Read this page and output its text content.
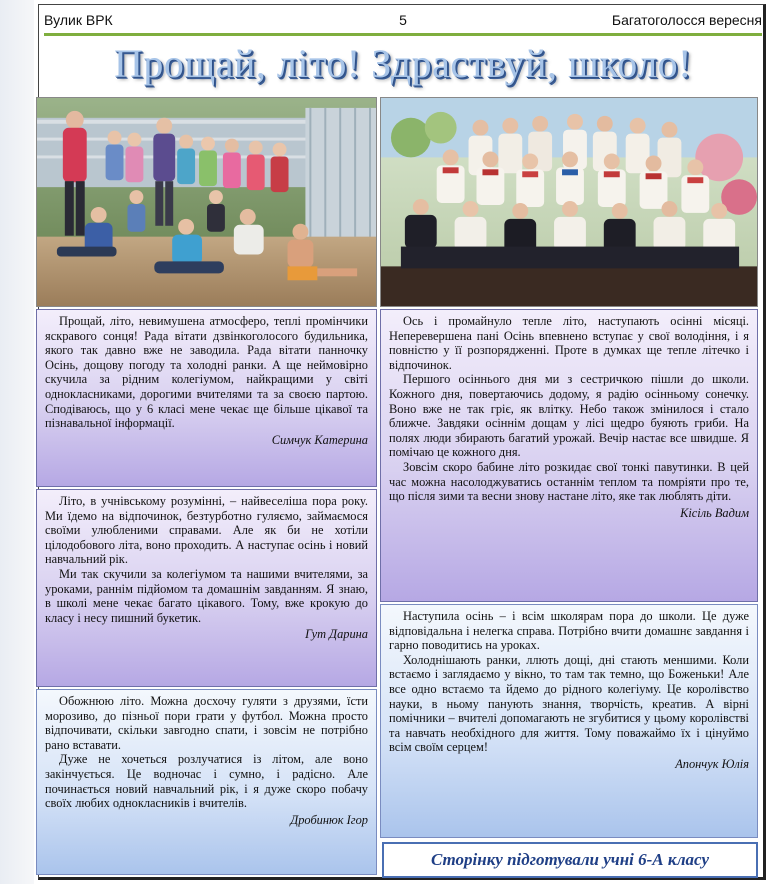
Вулик ВРК	5	Багатоголосся вересня
Прощай, літо! Здраствуй, школо!

Прощай, літо, невимушена атмосферо, теплі промінчики яскравого сонця! Рада вітати дзвінкоголосого будильника, якого так давно вже не заводила. Рада вітати панночку Осінь, дощову погоду та холодні ранки. А ще неймовірно скучила за рідним колегіумом, найкращими у світі однокласниками, дорогими вчителями та за своєю партою. Сподіваюсь, що у 6 класі мене чекає ще більше цікавої та пізнавальної інформації.

Симчук Катерина

Літо, в учнівському розумінні, – найвеселіша пора року. Ми їдемо на відпочинок, безтурботно гуляємо, займаємося своїми улюбленими справами. Але як би не хотіли цілодобового літа, воно проходить. А наступає осінь і новий навчальний рік.

Ми так скучили за колегіумом та нашими вчителями, за уроками, раннім підйомом та домашнім завданням. Я знаю, в школі мене чекає багато цікавого. Тому, вже крокую до класу і несу пишний букетик.

Гут Дарина

Обожнюю літо. Можна досхочу гуляти з друзями, їсти морозиво, до пізньої пори грати у футбол. Можна просто відпочивати, скільки завгодно спати, і зовсім не потрібно рано вставати.

Дуже не хочеться розлучатися із літом, але воно закінчується. Це водночас і сумно, і радісно. Але починається новий навчальний рік, і я дуже скоро побачу своїх любих однокласників і вчителів.

Дробинюк Ігор

Ось і промайнуло тепле літо, наступають осінні місяці. Неперевершена пані Осінь впевнено вступає у свої володіння, і я повністю у її розпорядженні. Проте в думках ще тепле літечко і відпочинок.

Першого осіннього дня ми з сестричкою пішли до школи. Кожного дня, повертаючись додому, я радію осінньому сонечку. Воно вже не так гріє, як влітку. Небо також змінилося і стало ближче. Завдяки осіннім дощам у лісі щедро буяють гриби. На полях люди збирають багатий урожай. Вечір настає все швидше. Я помічаю це кожного дня.

Зовсім скоро бабине літо розкидає свої тонкі павутинки. В цей час можна насолоджуватись останнім теплом та помріяти про те, що після зими та весни знову настане літо, яке так люблять діти.

Кісіль Вадим

Наступила осінь – і всім школярам пора до школи. Це дуже відповідальна і нелегка справа. Потрібно вчити домашнє завдання і гарно поводитись на уроках.

Холоднішають ранки, ллють дощі, дні стають меншими. Коли встаємо і заглядаємо у вікно, то там так темно, що Боженьки! Але все одно встаємо та йдемо до рідного колегіуму. Це королівство науки, в ньому панують знання, творчість, креатив. А вірні помічники – вчителі допомагають не згубитися у цьому королівстві та навчать необхідного для життя. Тому поважаймо їх і цінуймо всім своїм серцем!

Апончук Юлія
Сторінку підготували учні 6-А класу
